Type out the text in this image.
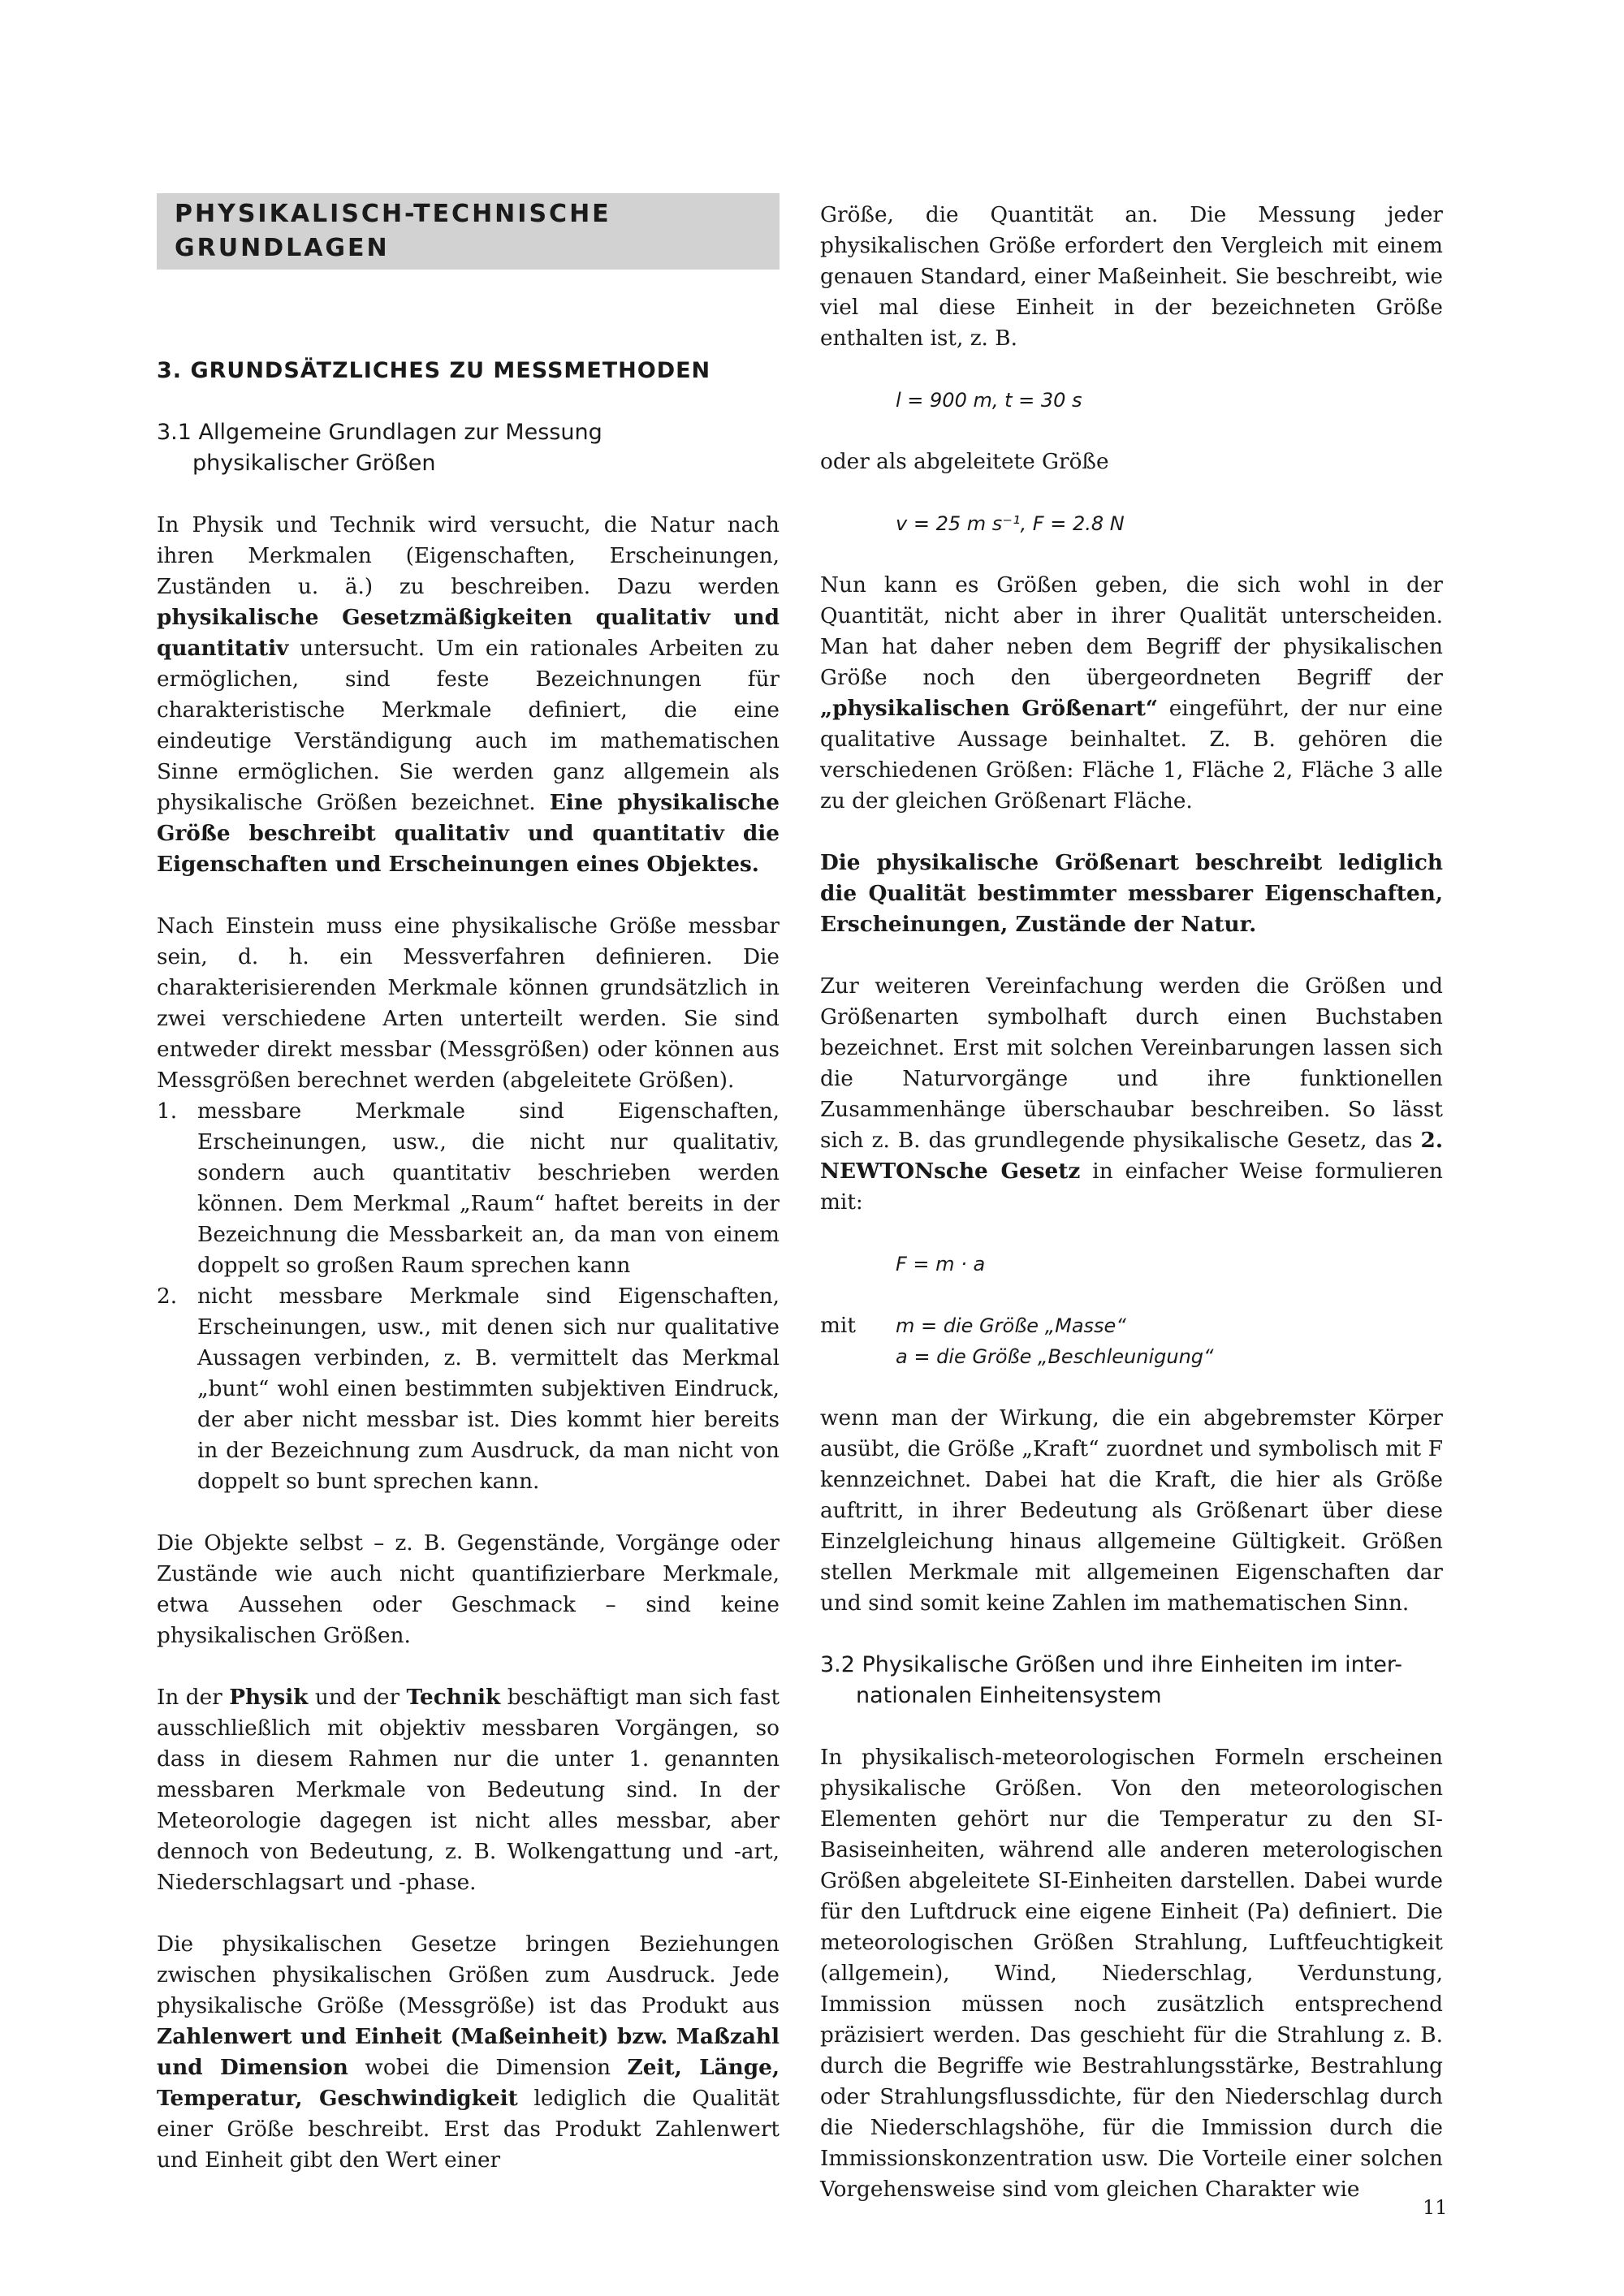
PHYSIKALISCH-TECHNISCHE
GRUNDLAGEN
3. GRUNDSÄTZLICHES ZU MESSMETHODEN
3.1 Allgemeine Grundlagen zur Messung
physikalischer Größen

In Physik und Technik wird versucht, die Natur nach ihren Merkmalen (Eigenschaften, Erscheinungen, Zuständen u. ä.) zu beschreiben. Dazu werden physikalische Gesetzmäßigkeiten qualitativ und quantitativ untersucht. Um ein rationales Arbeiten zu ermöglichen, sind feste Bezeichnungen für charakteristische Merkmale definiert, die eine eindeutige Verständigung auch im mathematischen Sinne ermöglichen. Sie werden ganz allgemein als physikalische Größen bezeichnet. Eine physikalische Größe beschreibt qualitativ und quantitativ die Eigenschaften und Erscheinungen eines Objektes.

Nach Einstein muss eine physikalische Größe messbar sein, d. h. ein Messverfahren definieren. Die charakterisierenden Merkmale können grundsätzlich in zwei verschiedene Arten unterteilt werden. Sie sind entweder direkt messbar (Messgrößen) oder können aus Messgrößen berechnet werden (abgeleitete Größen).

1. messbare Merkmale sind Eigenschaften, Erscheinungen, usw., die nicht nur qualitativ, sondern auch quantitativ beschrieben werden können. Dem Merkmal „Raum“ haftet bereits in der Bezeichnung die Messbarkeit an, da man von einem doppelt so großen Raum sprechen kann
2. nicht messbare Merkmale sind Eigenschaften, Erscheinungen, usw., mit denen sich nur qualitative Aussagen verbinden, z. B. vermittelt das Merkmal „bunt“ wohl einen bestimmten subjektiven Eindruck, der aber nicht messbar ist. Dies kommt hier bereits in der Bezeichnung zum Ausdruck, da man nicht von doppelt so bunt sprechen kann.

Die Objekte selbst – z. B. Gegenstände, Vorgänge oder Zustände wie auch nicht quantifizierbare Merkmale, etwa Aussehen oder Geschmack – sind keine physikalischen Größen.

In der Physik und der Technik beschäftigt man sich fast ausschließlich mit objektiv messbaren Vorgängen, so dass in diesem Rahmen nur die unter 1. genannten messbaren Merkmale von Bedeutung sind. In der Meteorologie dagegen ist nicht alles messbar, aber dennoch von Bedeutung, z. B. Wolkengattung und -art, Niederschlagsart und -phase.

Die physikalischen Gesetze bringen Beziehungen zwischen physikalischen Größen zum Ausdruck. Jede physikalische Größe (Messgröße) ist das Produkt aus Zahlenwert und Einheit (Maßeinheit) bzw. Maßzahl und Dimension wobei die Dimension Zeit, Länge, Temperatur, Geschwindigkeit lediglich die Qualität einer Größe beschreibt. Erst das Produkt Zahlenwert und Einheit gibt den Wert einer

Größe, die Quantität an. Die Messung jeder physikalischen Größe erfordert den Vergleich mit einem genauen Standard, einer Maßeinheit. Sie beschreibt, wie viel mal diese Einheit in der bezeichneten Größe enthalten ist, z. B.

l = 900 m, t = 30 s

oder als abgeleitete Größe

v = 25 m s⁻¹, F = 2.8 N

Nun kann es Größen geben, die sich wohl in der Quantität, nicht aber in ihrer Qualität unterscheiden. Man hat daher neben dem Begriff der physikalischen Größe noch den übergeordneten Begriff der „physikalischen Größenart“ eingeführt, der nur eine qualitative Aussage beinhaltet. Z. B. gehören die verschiedenen Größen: Fläche 1, Fläche 2, Fläche 3 alle zu der gleichen Größenart Fläche.

Die physikalische Größenart beschreibt lediglich die Qualität bestimmter messbarer Eigenschaften, Erscheinungen, Zustände der Natur.

Zur weiteren Vereinfachung werden die Größen und Größenarten symbolhaft durch einen Buchstaben bezeichnet. Erst mit solchen Vereinbarungen lassen sich die Naturvorgänge und ihre funktionellen Zusammenhänge überschaubar beschreiben. So lässt sich z. B. das grundlegende physikalische Gesetz, das 2. NEWTONsche Gesetz in einfacher Weise formulieren mit:

F = m · a
mit	m = die Größe „Masse“
a = die Größe „Beschleunigung“

wenn man der Wirkung, die ein abgebremster Körper ausübt, die Größe „Kraft“ zuordnet und symbolisch mit F kennzeichnet. Dabei hat die Kraft, die hier als Größe auftritt, in ihrer Bedeutung als Größenart über diese Einzelgleichung hinaus allgemeine Gültigkeit. Größen stellen Merkmale mit allgemeinen Eigenschaften dar und sind somit keine Zahlen im mathematischen Sinn.

3.2 Physikalische Größen und ihre Einheiten im inter-
nationalen Einheitensystem

In physikalisch-meteorologischen Formeln erscheinen physikalische Größen. Von den meteorologischen Elementen gehört nur die Temperatur zu den SI-Basiseinheiten, während alle anderen meterologischen Größen abgeleitete SI-Einheiten darstellen. Dabei wurde für den Luftdruck eine eigene Einheit (Pa) definiert. Die meteorologischen Größen Strahlung, Luftfeuchtigkeit (allgemein), Wind, Niederschlag, Verdunstung, Immission müssen noch zusätzlich entsprechend präzisiert werden. Das geschieht für die Strahlung z. B. durch die Begriffe wie Bestrahlungsstärke, Bestrahlung oder Strahlungsflussdichte, für den Niederschlag durch die Niederschlagshöhe, für die Immission durch die Immissionskonzentration usw. Die Vorteile einer solchen Vorgehensweise sind vom gleichen Charakter wie

11
